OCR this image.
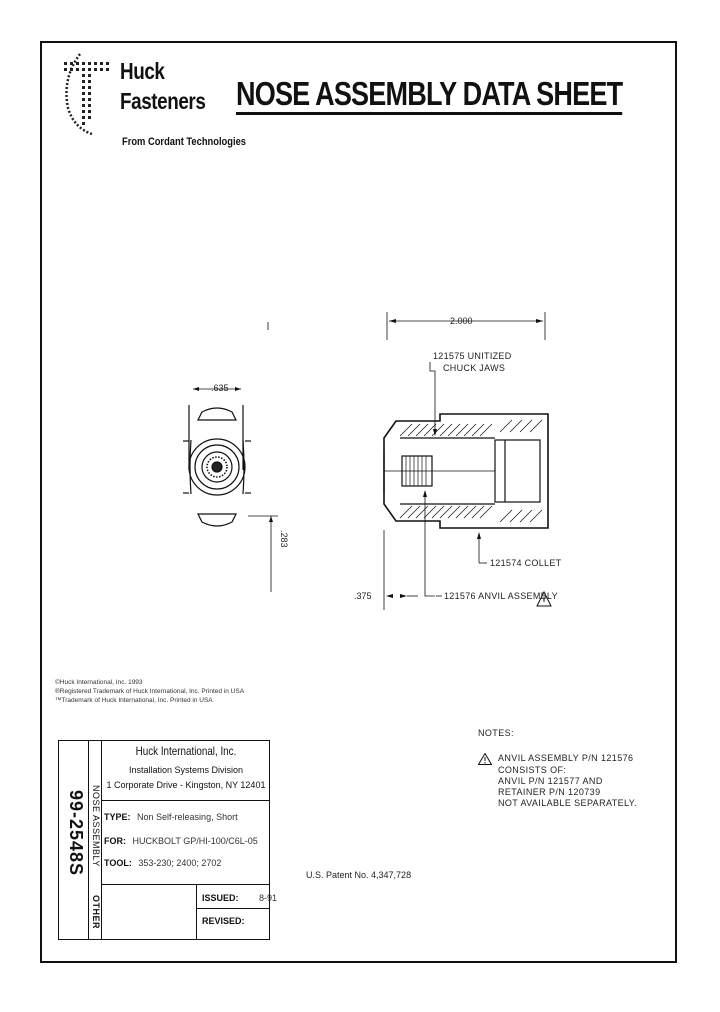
Huck
Fasteners
From Cordant Technologies
NOSE ASSEMBLY DATA SHEET
2.000
.635
.283
.375
121575 UNITIZED
CHUCK JAWS
121574 COLLET
121576 ANVIL ASSEMBLY
©Huck International, Inc. 1993
®Registered Trademark of Huck International, Inc. Printed in USA
™Trademark of Huck International, Inc. Printed in USA
NOTES:
ANVIL ASSEMBLY P/N 121576
CONSISTS OF:
ANVIL P/N 121577 AND
RETAINER P/N 120739
NOT AVAILABLE SEPARATELY.
U.S. Patent No. 4,347,728
99-2548S NOSE ASSEMBLY
OTHER
Huck International, Inc.
Installation Systems Division
1 Corporate Drive - Kingston, NY 12401
TYPE: Non Self-releasing, Short
FOR: HUCKBOLT GP/HI-100/C6L-05
TOOL: 353-230; 2400; 2702
ISSUED: 8-91
REVISED:
